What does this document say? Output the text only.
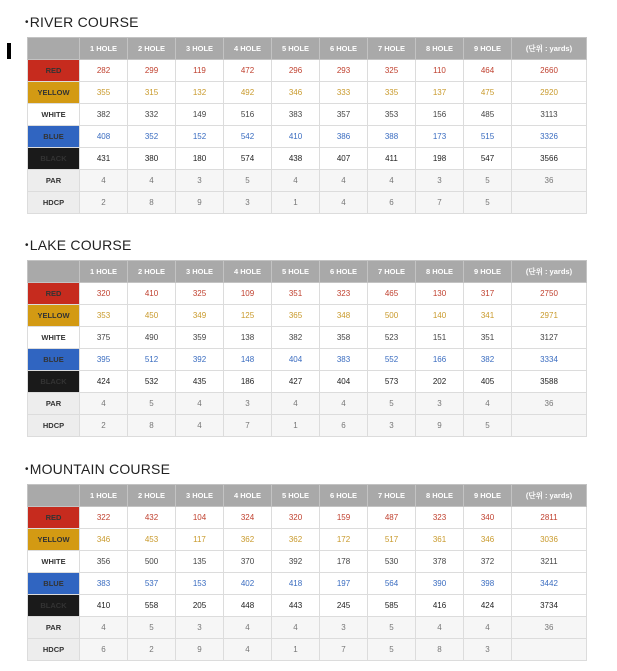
•RIVER COURSE
	1 HOLE	2 HOLE	3 HOLE	4 HOLE	5 HOLE	6 HOLE	7 HOLE	8 HOLE	9 HOLE	(단위 : yards)
RED	282	299	119	472	296	293	325	110	464	2660
YELLOW	355	315	132	492	346	333	335	137	475	2920
WHITE	382	332	149	516	383	357	353	156	485	3113
BLUE	408	352	152	542	410	386	388	173	515	3326
BLACK	431	380	180	574	438	407	411	198	547	3566
PAR	4	4	3	5	4	4	4	3	5	36
HDCP	2	8	9	3	1	4	6	7	5	
•LAKE COURSE
	1 HOLE	2 HOLE	3 HOLE	4 HOLE	5 HOLE	6 HOLE	7 HOLE	8 HOLE	9 HOLE	(단위 : yards)
RED	320	410	325	109	351	323	465	130	317	2750
YELLOW	353	450	349	125	365	348	500	140	341	2971
WHITE	375	490	359	138	382	358	523	151	351	3127
BLUE	395	512	392	148	404	383	552	166	382	3334
BLACK	424	532	435	186	427	404	573	202	405	3588
PAR	4	5	4	3	4	4	5	3	4	36
HDCP	2	8	4	7	1	6	3	9	5	
•MOUNTAIN COURSE
	1 HOLE	2 HOLE	3 HOLE	4 HOLE	5 HOLE	6 HOLE	7 HOLE	8 HOLE	9 HOLE	(단위 : yards)
RED	322	432	104	324	320	159	487	323	340	2811
YELLOW	346	453	117	362	362	172	517	361	346	3036
WHITE	356	500	135	370	392	178	530	378	372	3211
BLUE	383	537	153	402	418	197	564	390	398	3442
BLACK	410	558	205	448	443	245	585	416	424	3734
PAR	4	5	3	4	4	3	5	4	4	36
HDCP	6	2	9	4	1	7	5	8	3	
